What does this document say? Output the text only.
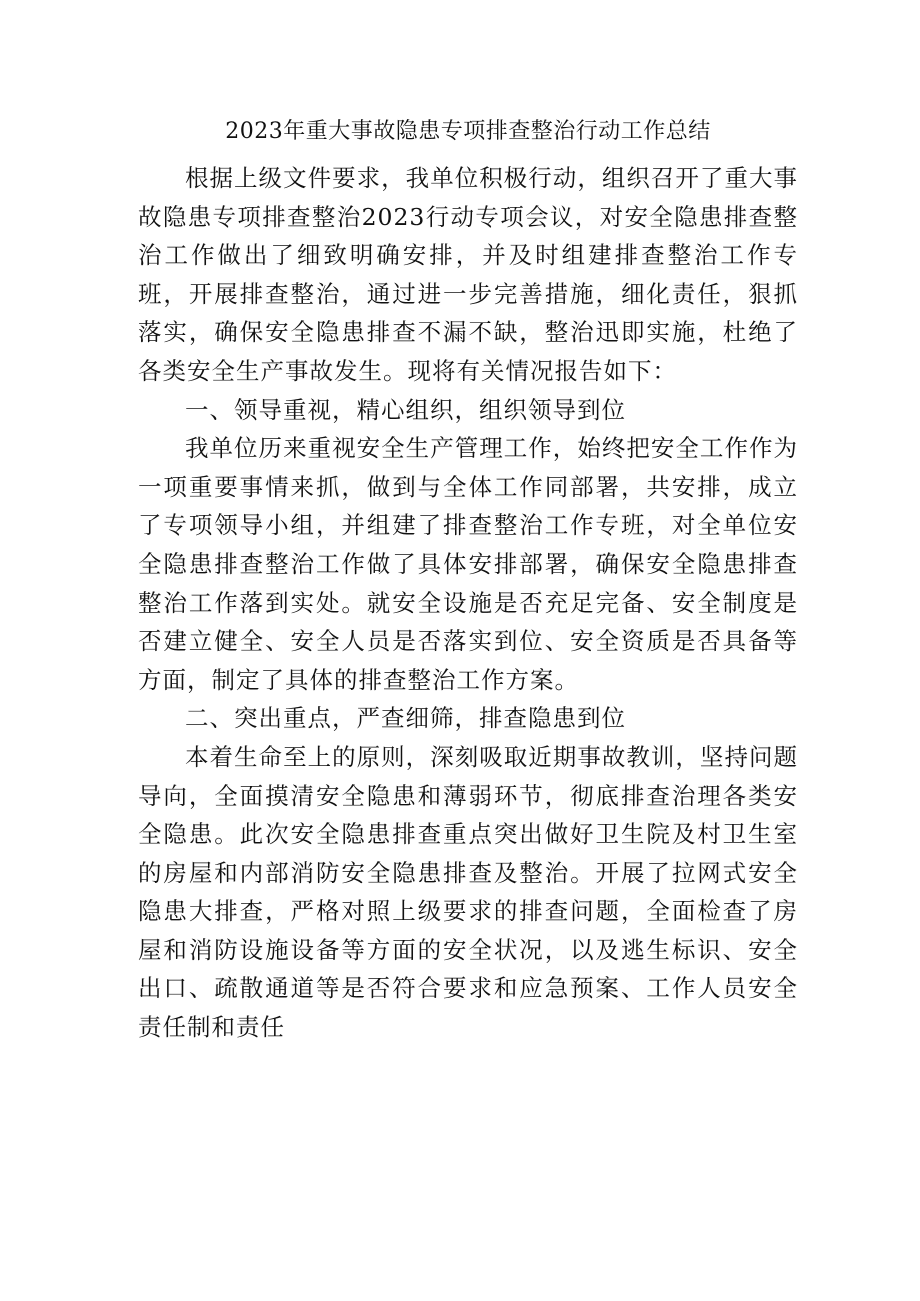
2023年重大事故隐患专项排查整治行动工作总结

根据上级文件要求，我单位积极行动，组织召开了重大事故隐患专项排查整治2023行动专项会议，对安全隐患排查整治工作做出了细致明确安排，并及时组建排查整治工作专班，开展排查整治，通过进一步完善措施，细化责任，狠抓落实，确保安全隐患排查不漏不缺，整治迅即实施，杜绝了各类安全生产事故发生。现将有关情况报告如下：

一、领导重视，精心组织，组织领导到位

我单位历来重视安全生产管理工作，始终把安全工作作为一项重要事情来抓，做到与全体工作同部署，共安排，成立了专项领导小组，并组建了排查整治工作专班，对全单位安全隐患排查整治工作做了具体安排部署，确保安全隐患排查整治工作落到实处。就安全设施是否充足完备、安全制度是否建立健全、安全人员是否落实到位、安全资质是否具备等方面，制定了具体的排查整治工作方案。

二、突出重点，严查细筛，排查隐患到位

本着生命至上的原则，深刻吸取近期事故教训，坚持问题导向，全面摸清安全隐患和薄弱环节，彻底排查治理各类安全隐患。此次安全隐患排查重点突出做好卫生院及村卫生室的房屋和内部消防安全隐患排查及整治。开展了拉网式安全隐患大排查，严格对照上级要求的排查问题，全面检查了房屋和消防设施设备等方面的安全状况，以及逃生标识、安全出口、疏散通道等是否符合要求和应急预案、工作人员安全责任制和责任
